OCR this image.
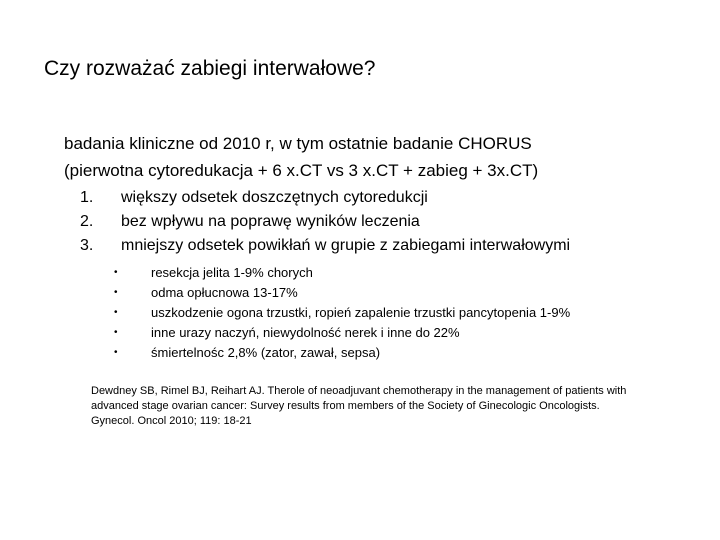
Czy rozważać zabiegi interwałowe?
badania kliniczne od 2010 r, w tym ostatnie badanie CHORUS
(pierwotna cytoredukacja + 6 x.CT vs 3 x.CT + zabieg + 3x.CT)
1.	większy odsetek doszczętnych cytoredukcji
2.	bez wpływu na poprawę wyników leczenia
3.	mniejszy odsetek powikłań w grupie z zabiegami interwałowymi
•	resekcja jelita 1-9% chorych
•	odma opłucnowa 13-17%
•	uszkodzenie ogona trzustki, ropień zapalenie trzustki pancytopenia 1-9%
•	inne urazy naczyń, niewydolność nerek i inne do 22%
•	śmiertelnośc 2,8% (zator, zawał, sepsa)
Dewdney SB, Rimel BJ, Reihart AJ. Therole of neoadjuvant chemotherapy in the management of patients with
advanced stage ovarian cancer: Survey results from members of the Society of Ginecologic Oncologists.
Gynecol. Oncol 2010; 119: 18-21
